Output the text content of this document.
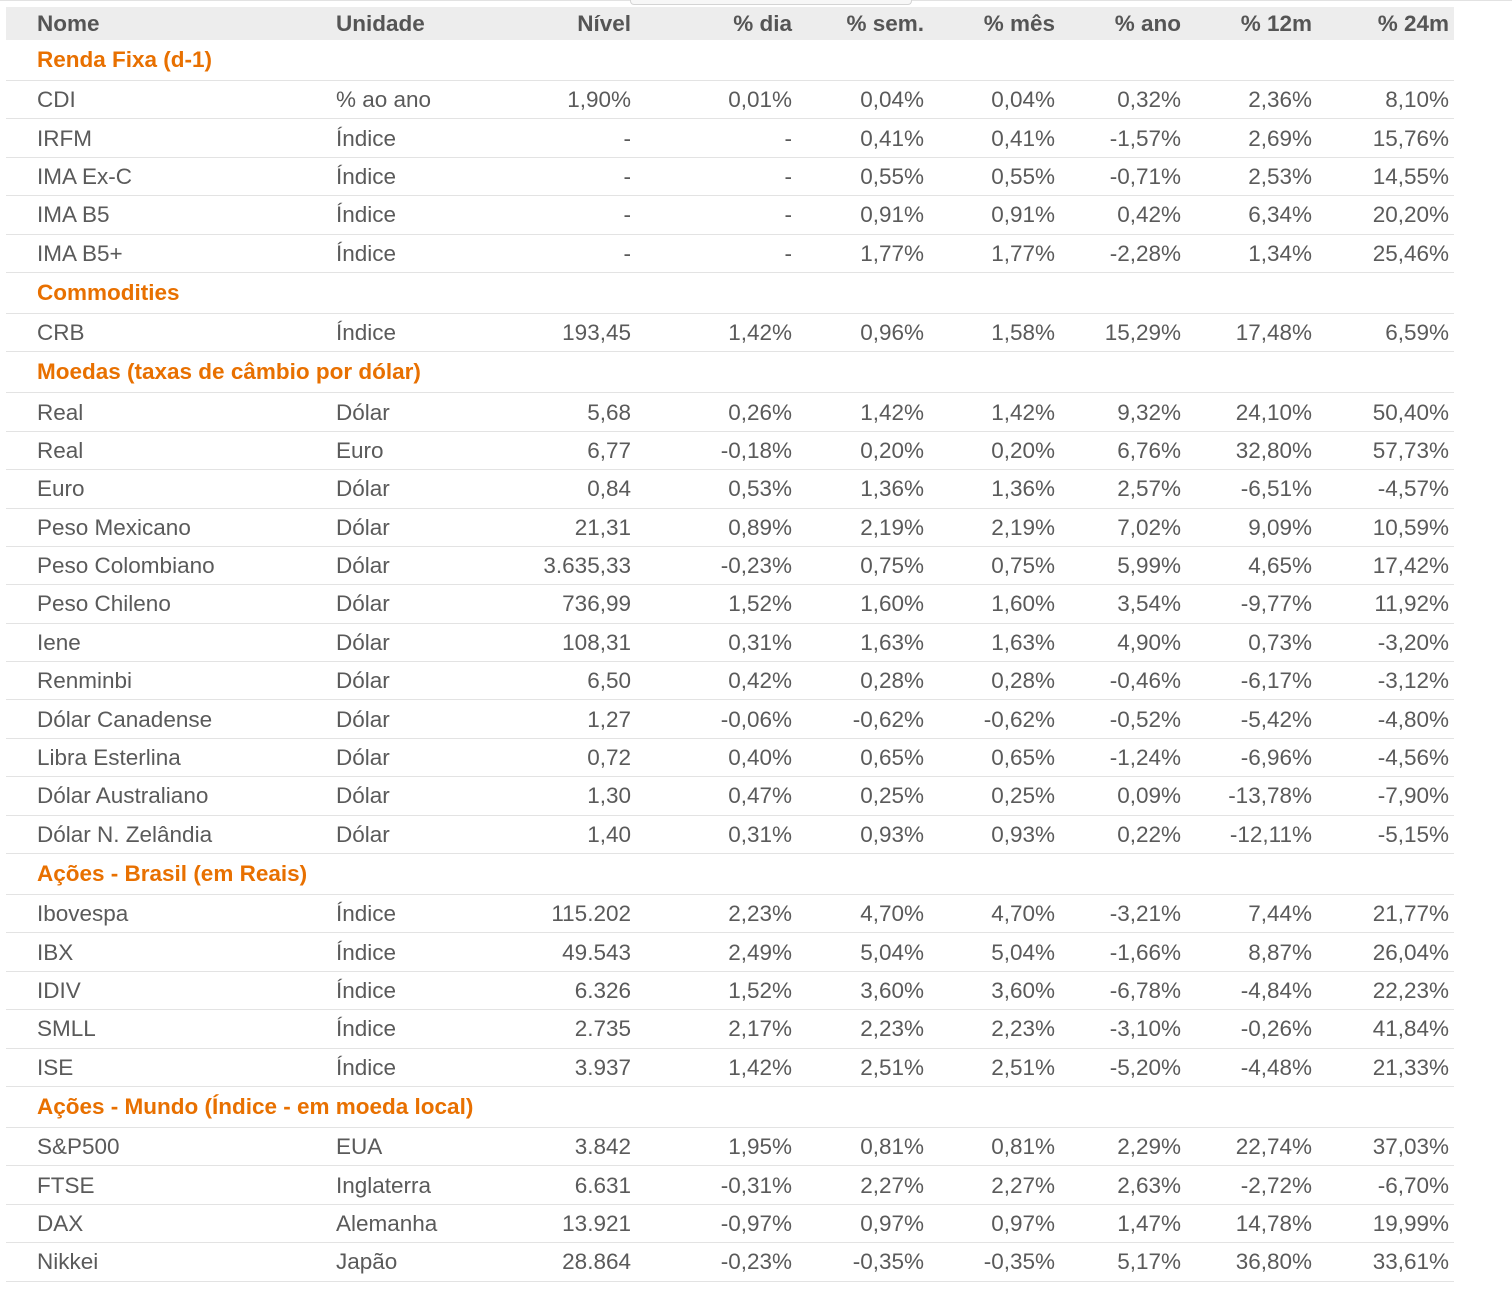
Nome	Unidade	Nível	% dia	% sem.	% mês	% ano	% 12m	% 24m
Renda Fixa (d-1)								
CDI	% ao ano	1,90%	0,01%	0,04%	0,04%	0,32%	2,36%	8,10%
IRFM	Índice	-	-	0,41%	0,41%	-1,57%	2,69%	15,76%
IMA Ex-C	Índice	-	-	0,55%	0,55%	-0,71%	2,53%	14,55%
IMA B5	Índice	-	-	0,91%	0,91%	0,42%	6,34%	20,20%
IMA B5+	Índice	-	-	1,77%	1,77%	-2,28%	1,34%	25,46%
Commodities								
CRB	Índice	193,45	1,42%	0,96%	1,58%	15,29%	17,48%	6,59%
Moedas (taxas de câmbio por dólar)								
Real	Dólar	5,68	0,26%	1,42%	1,42%	9,32%	24,10%	50,40%
Real	Euro	6,77	-0,18%	0,20%	0,20%	6,76%	32,80%	57,73%
Euro	Dólar	0,84	0,53%	1,36%	1,36%	2,57%	-6,51%	-4,57%
Peso Mexicano	Dólar	21,31	0,89%	2,19%	2,19%	7,02%	9,09%	10,59%
Peso Colombiano	Dólar	3.635,33	-0,23%	0,75%	0,75%	5,99%	4,65%	17,42%
Peso Chileno	Dólar	736,99	1,52%	1,60%	1,60%	3,54%	-9,77%	11,92%
Iene	Dólar	108,31	0,31%	1,63%	1,63%	4,90%	0,73%	-3,20%
Renminbi	Dólar	6,50	0,42%	0,28%	0,28%	-0,46%	-6,17%	-3,12%
Dólar Canadense	Dólar	1,27	-0,06%	-0,62%	-0,62%	-0,52%	-5,42%	-4,80%
Libra Esterlina	Dólar	0,72	0,40%	0,65%	0,65%	-1,24%	-6,96%	-4,56%
Dólar Australiano	Dólar	1,30	0,47%	0,25%	0,25%	0,09%	-13,78%	-7,90%
Dólar N. Zelândia	Dólar	1,40	0,31%	0,93%	0,93%	0,22%	-12,11%	-5,15%
Ações - Brasil (em Reais)								
Ibovespa	Índice	115.202	2,23%	4,70%	4,70%	-3,21%	7,44%	21,77%
IBX	Índice	49.543	2,49%	5,04%	5,04%	-1,66%	8,87%	26,04%
IDIV	Índice	6.326	1,52%	3,60%	3,60%	-6,78%	-4,84%	22,23%
SMLL	Índice	2.735	2,17%	2,23%	2,23%	-3,10%	-0,26%	41,84%
ISE	Índice	3.937	1,42%	2,51%	2,51%	-5,20%	-4,48%	21,33%
Ações - Mundo (Índice - em moeda local)								
S&P500	EUA	3.842	1,95%	0,81%	0,81%	2,29%	22,74%	37,03%
FTSE	Inglaterra	6.631	-0,31%	2,27%	2,27%	2,63%	-2,72%	-6,70%
DAX	Alemanha	13.921	-0,97%	0,97%	0,97%	1,47%	14,78%	19,99%
Nikkei	Japão	28.864	-0,23%	-0,35%	-0,35%	5,17%	36,80%	33,61%
